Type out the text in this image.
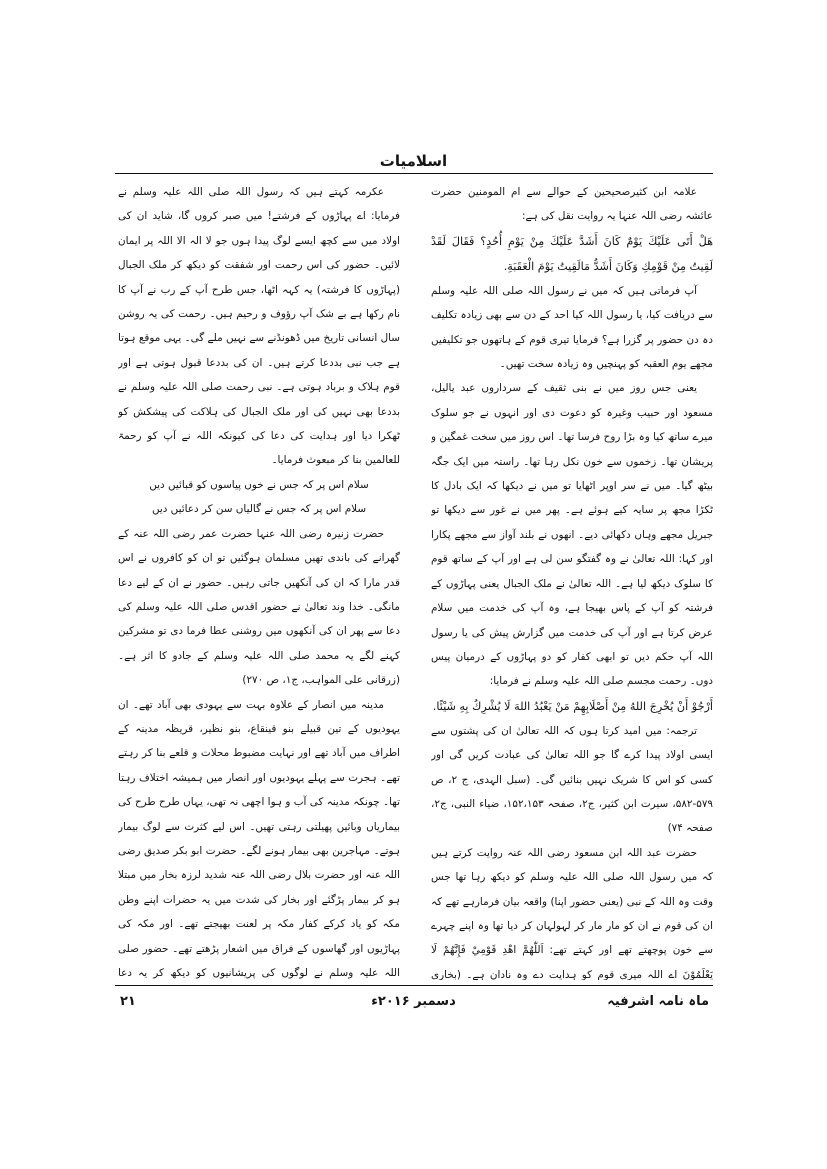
اسلامیات

علامہ ابن کثیرصحیحین کے حوالے سے ام المومنین حضرت عائشہ رضی اللہ عنہا یہ روایت نقل کی ہے:

هَلْ أَتَى عَلَيْكَ يَوْمٌ كَانَ أَشَدَّ عَلَيْكَ مِنْ يَوْمِ أُحُدٍ؟ فَقَالَ لَقَدْ لَقِيتُ مِنْ قَوْمِكِ وَكَانَ أَشَدُّ مَالَقِيتُ يَوْمَ الْعَقَبَةِ.

آپ فرماتی ہیں کہ میں نے رسول اللہ صلی اللہ علیہ وسلم سے دریافت کیا، یا رسول اللہ کیا احد کے دن سے بھی زیادہ تکلیف دہ دن حضور پر گزرا ہے؟ فرمایا تیری قوم کے ہاتھوں جو تکلیفیں مجھے یوم العقبہ کو پہنچیں وہ زیادہ سخت تھیں۔

یعنی جس روز میں نے بنی ثقیف کے سرداروں عبد یالیل، مسعود اور حبیب وغیرہ کو دعوت دی اور انہوں نے جو سلوک میرے ساتھ کیا وہ بڑا روح فرسا تھا۔ اس روز میں سخت غمگین و پریشان تھا۔ زخموں سے خون نکل رہا تھا۔ راستہ میں ایک جگہ بیٹھ گیا۔ میں نے سر اوپر اٹھایا تو میں نے دیکھا کہ ایک بادل کا ٹکڑا مجھ پر سایہ کیے ہوئے ہے۔ پھر میں نے غور سے دیکھا تو جبریل مجھے وہاں دکھائی دیے۔ انھوں نے بلند آواز سے مجھے پکارا اور کہا: اللہ تعالیٰ نے وہ گفتگو سن لی ہے اور آپ کے ساتھ قوم کا سلوک دیکھ لیا ہے۔ اللہ تعالیٰ نے ملک الجبال یعنی پہاڑوں کے فرشتہ کو آپ کے پاس بھیجا ہے، وہ آپ کی خدمت میں سلام عرض کرتا ہے اور آپ کی خدمت میں گزارش پیش کی یا رسول اللہ آپ حکم دیں تو ابھی کفار کو دو پہاڑوں کے درمیان پیس دوں۔ رحمت مجسم صلی اللہ علیہ وسلم نے فرمایا:

أَرْجُوْ أَنْ يُخْرِجَ اللهُ مِنْ أَصْلَابِهِمْ مَنْ يَعْبُدُ اللهَ لَا يُشْرِكُ بِهِ شَيْئًا.

ترجمہ: میں امید کرتا ہوں کہ اللہ تعالیٰ ان کی پشتوں سے ایسی اولاد پیدا کرے گا جو اللہ تعالیٰ کی عبادت کریں گی اور کسی کو اس کا شریک نہیں بنائیں گی۔ (سبل الہدی، ج ۲، ص ۵۷۹-۵۸۲، سیرت ابن کثیر، ج۲، صفحہ ۱۵۲،۱۵۳، ضیاء النبی، ج۲، صفحہ ۷۴)

حضرت عبد اللہ ابن مسعود رضی اللہ عنہ روایت کرتے ہیں کہ میں رسول اللہ صلی اللہ علیہ وسلم کو دیکھ رہا تھا جس وقت وہ اللہ کے نبی (یعنی حضور اپنا) واقعہ بیان فرمارہے تھے کہ ان کی قوم نے ان کو مار مار کر لہولہان کر دیا تھا وہ اپنے چہرے سے خون پوچھتے تھے اور کہتے تھے: اَللّٰهُمَّ اهْدِ قَوْمِيْ فَإِنَّهُمْ لَا يَعْلَمُوْنَ اے اللہ میری قوم کو ہدایت دے وہ نادان ہے۔ (بخاری

عکرمہ کہتے ہیں کہ رسول اللہ صلی اللہ علیہ وسلم نے فرمایا: اے پہاڑوں کے فرشتے! میں صبر کروں گا، شاید ان کی اولاد میں سے کچھ ایسے لوگ پیدا ہوں جو لا الہ الا اللہ پر ایمان لائیں۔ حضور کی اس رحمت اور شفقت کو دیکھ کر ملک الجبال (پہاڑوں کا فرشتہ) یہ کہہ اٹھا، جس طرح آپ کے رب نے آپ کا نام رکھا ہے بے شک آپ رؤوف و رحیم ہیں۔ رحمت کی یہ روشن سال انسانی تاریخ میں ڈھونڈنے سے نہیں ملے گی۔ یہی موقع ہوتا ہے جب نبی بددعا کرتے ہیں۔ ان کی بددعا قبول ہوتی ہے اور قوم ہلاک و برباد ہوتی ہے۔ نبی رحمت صلی اللہ علیہ وسلم نے بددعا بھی نہیں کی اور ملک الجبال کی ہلاکت کی پیشکش کو ٹھکرا دیا اور ہدایت کی دعا کی کیونکہ اللہ نے آپ کو رحمۃ للعالمین بنا کر مبعوث فرمایا۔

سلام اس پر کہ جس نے خوں پیاسوں کو قبائیں دیں

سلام اس پر کہ جس نے گالیاں سن کر دعائیں دیں

حضرت زنیرہ رضی اللہ عنہا حضرت عمر رضی اللہ عنہ کے گھرانے کی باندی تھیں مسلمان ہوگئیں تو ان کو کافروں نے اس قدر مارا کہ ان کی آنکھیں جاتی رہیں۔ حضور نے ان کے لیے دعا مانگی۔ خدا وند تعالیٰ نے حضور اقدس صلی اللہ علیہ وسلم کی دعا سے پھر ان کی آنکھوں میں روشنی عطا فرما دی تو مشرکین کہنے لگے یہ محمد صلی اللہ علیہ وسلم کے جادو کا اثر ہے۔ (زرقانی علی المواہب، ج۱، ص ۲۷۰)

مدینہ میں انصار کے علاوہ بہت سے یہودی بھی آباد تھے۔ ان یہودیوں کے تین قبیلے بنو قینقاع، بنو نظیر، قریظہ مدینہ کے اطراف میں آباد تھے اور نہایت مضبوط محلات و قلعے بنا کر رہتے تھے۔ ہجرت سے پہلے یہودیوں اور انصار میں ہمیشہ اختلاف رہتا تھا۔ چونکہ مدینہ کی آب و ہوا اچھی نہ تھی، یہاں طرح طرح کی بیماریاں وبائیں پھیلتی رہتی تھیں۔ اس لیے کثرت سے لوگ بیمار ہوتے۔ مہاجرین بھی بیمار ہونے لگے۔ حضرت ابو بکر صدیق رضی اللہ عنہ اور حضرت بلال رضی اللہ عنہ شدید لرزہ بخار میں مبتلا ہو کر بیمار پڑگئے اور بخار کی شدت میں یہ حضرات اپنے وطن مکہ کو یاد کرکے کفار مکہ پر لعنت بھیجتے تھے۔ اور مکہ کی پہاڑیوں اور گھاسوں کے فراق میں اشعار پڑھتے تھے۔ حضور صلی اللہ علیہ وسلم نے لوگوں کی پریشانیوں کو دیکھ کر یہ دعا

ماہ نامہ اشرفیہ
دسمبر ۲۰۱۶ء
۲۱
